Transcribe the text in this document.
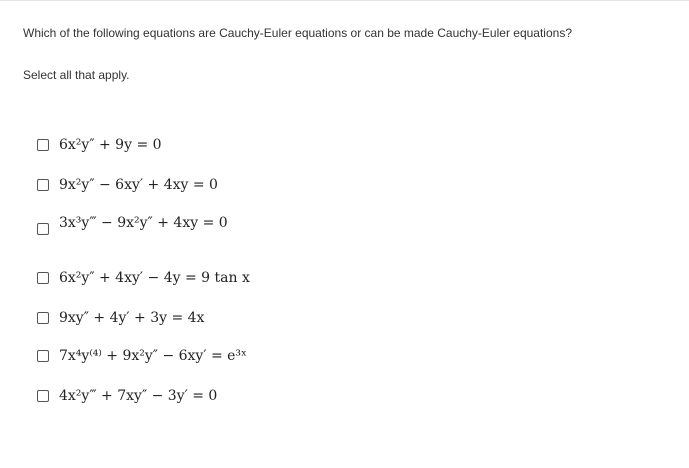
Which of the following equations are Cauchy-Euler equations or can be made Cauchy-Euler equations?
Select all that apply.
6x²y″ + 9y = 0
9x²y″ − 6xy′ + 4xy = 0
3x³y‴ − 9x²y″ + 4xy = 0
6x²y″ + 4xy′ − 4y = 9 tan x
9xy″ + 4y′ + 3y = 4x
7x⁴y⁽⁴⁾ + 9x²y″ − 6xy′ = e³ˣ
4x²y‴ + 7xy″ − 3y′ = 0
